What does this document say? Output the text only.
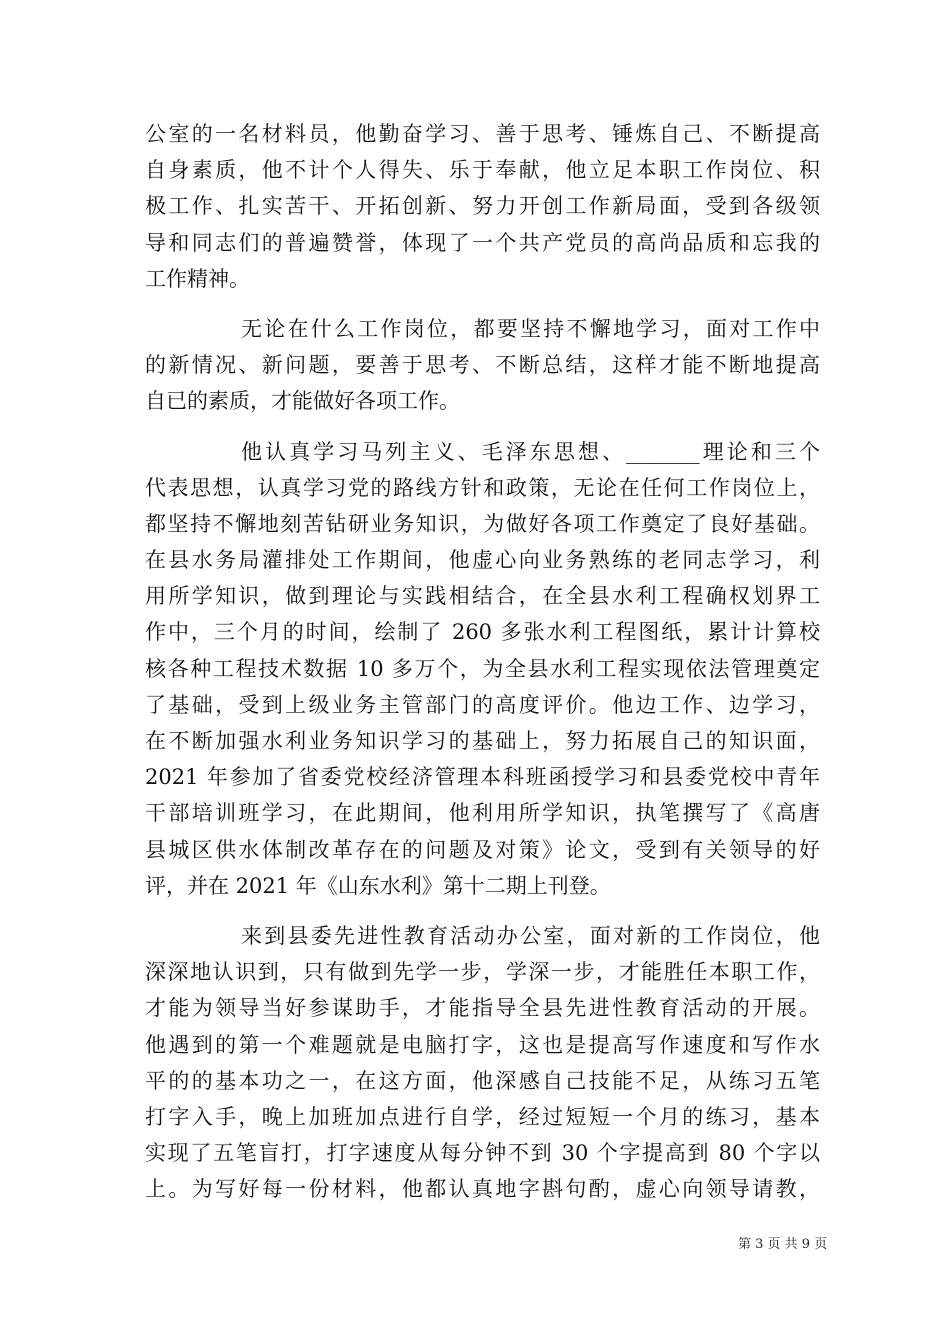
公室的一名材料员，他勤奋学习、善于思考、锤炼自己、不断提高
自身素质，他不计个人得失、乐于奉献，他立足本职工作岗位、积
极工作、扎实苦干、开拓创新、努力开创工作新局面，受到各级领
导和同志们的普遍赞誉，体现了一个共产党员的高尚品质和忘我的
工作精神。
无论在什么工作岗位，都要坚持不懈地学习，面对工作中
的新情况、新问题，要善于思考、不断总结，这样才能不断地提高
自已的素质，才能做好各项工作。
他认真学习马列主义、毛泽东思想、_______理论和三个
代表思想，认真学习党的路线方针和政策，无论在任何工作岗位上，
都坚持不懈地刻苦钻研业务知识，为做好各项工作奠定了良好基础。
在县水务局灌排处工作期间，他虚心向业务熟练的老同志学习，利
用所学知识，做到理论与实践相结合，在全县水利工程确权划界工
作中，三个月的时间，绘制了 260 多张水利工程图纸，累计计算校
核各种工程技术数据 10 多万个，为全县水利工程实现依法管理奠定
了基础，受到上级业务主管部门的高度评价。他边工作、边学习，
在不断加强水利业务知识学习的基础上，努力拓展自己的知识面，
2021 年参加了省委党校经济管理本科班函授学习和县委党校中青年
干部培训班学习，在此期间，他利用所学知识，执笔撰写了《高唐
县城区供水体制改革存在的问题及对策》论文，受到有关领导的好
评，并在 2021 年《山东水利》第十二期上刊登。
来到县委先进性教育活动办公室，面对新的工作岗位，他
深深地认识到，只有做到先学一步，学深一步，才能胜任本职工作，
才能为领导当好参谋助手，才能指导全县先进性教育活动的开展。
他遇到的第一个难题就是电脑打字，这也是提高写作速度和写作水
平的的基本功之一，在这方面，他深感自己技能不足，从练习五笔
打字入手，晚上加班加点进行自学，经过短短一个月的练习，基本
实现了五笔盲打，打字速度从每分钟不到 30 个字提高到 80 个字以
上。为写好每一份材料，他都认真地字斟句酌，虚心向领导请教，
第 3 页 共 9 页
